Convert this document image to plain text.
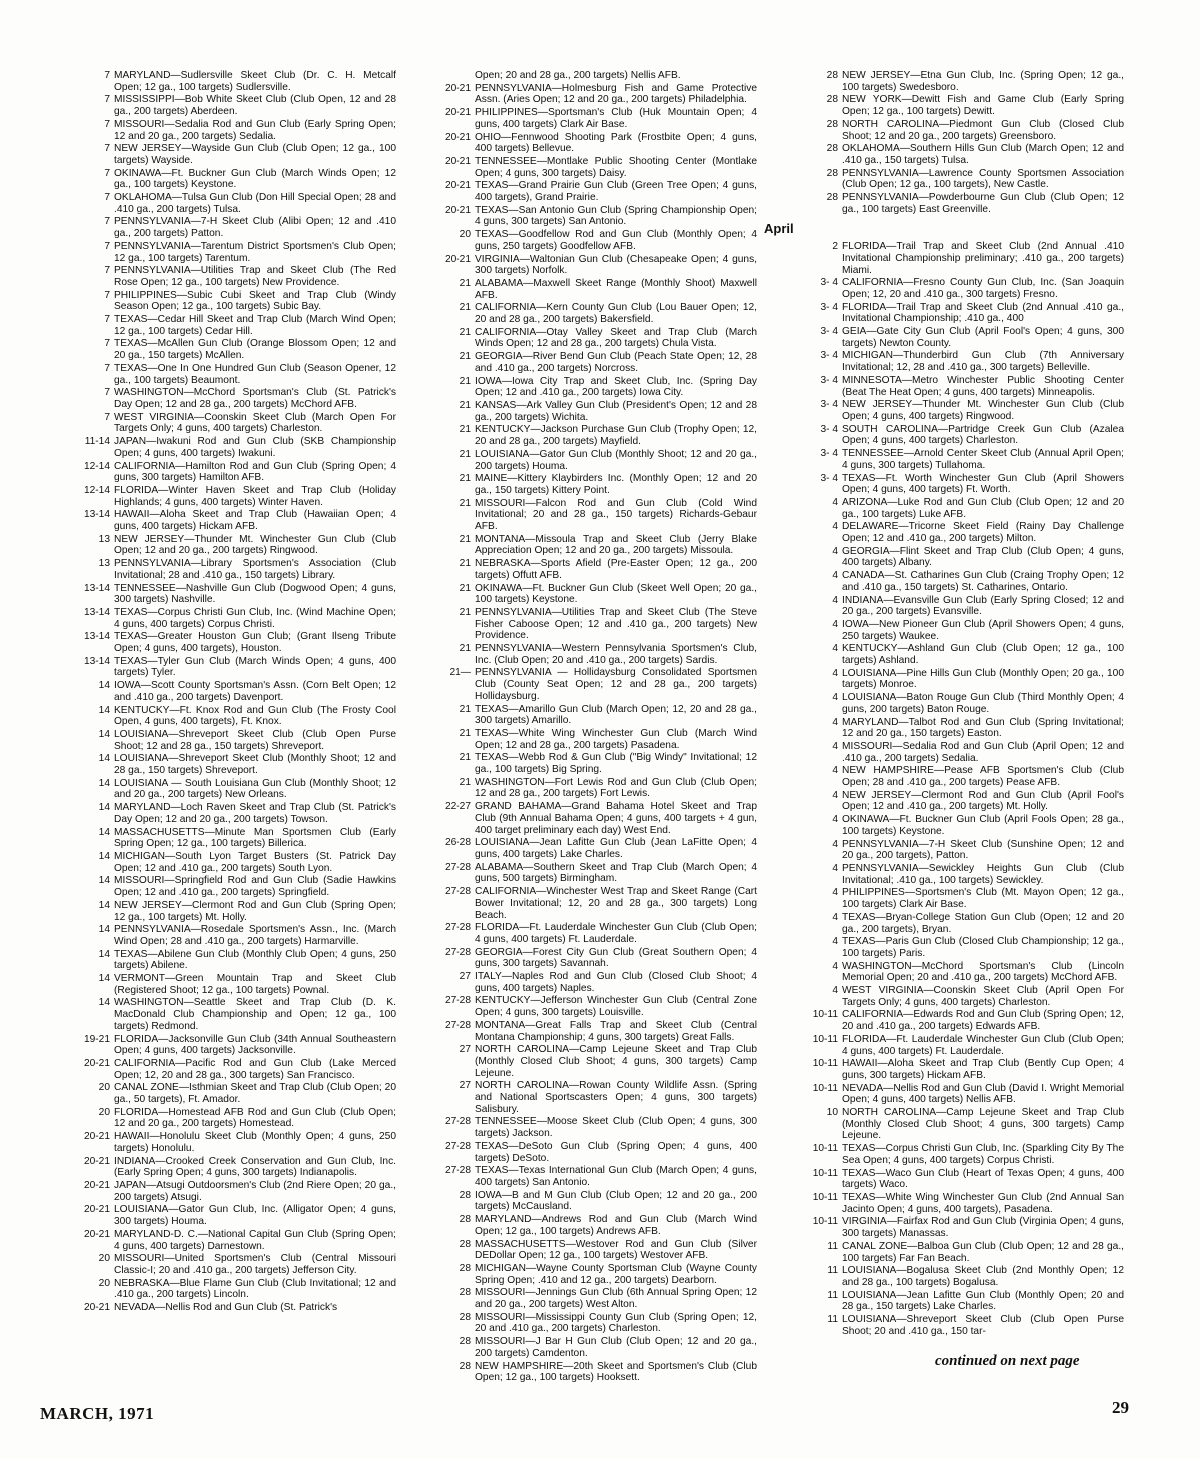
7 MARYLAND—Sudlersville Skeet Club (Dr. C. H. Metcalf Open; 12 ga., 100 targets) Sudlersville.
7 MISSISSIPPI—Bob White Skeet Club (Club Open, 12 and 28 ga., 200 targets) Aberdeen.
7 MISSOURI—Sedalia Rod and Gun Club (Early Spring Open; 12 and 20 ga., 200 targets) Sedalia.
7 NEW JERSEY—Wayside Gun Club (Club Open; 12 ga., 100 targets) Wayside.
7 OKINAWA—Ft. Buckner Gun Club (March Winds Open; 12 ga., 100 targets) Keystone.
7 OKLAHOMA—Tulsa Gun Club (Don Hill Special Open; 28 and .410 ga., 200 targets) Tulsa.
7 PENNSYLVANIA—7-H Skeet Club (Alibi Open; 12 and .410 ga., 200 targets) Patton.
7 PENNSYLVANIA—Tarentum District Sportsmen's Club Open; 12 ga., 100 targets) Tarentum.
7 PENNSYLVANIA—Utilities Trap and Skeet Club (The Red Rose Open; 12 ga., 100 targets) New Providence.
7 PHILIPPINES—Subic Cubi Skeet and Trap Club (Windy Season Open; 12 ga., 100 targets) Subic Bay.
7 TEXAS—Cedar Hill Skeet and Trap Club (March Wind Open; 12 ga., 100 targets) Cedar Hill.
7 TEXAS—McAllen Gun Club (Orange Blossom Open; 12 and 20 ga., 150 targets) McAllen.
7 TEXAS—One In One Hundred Gun Club (Season Opener, 12 ga., 100 targets) Beaumont.
7 WASHINGTON—McChord Sportsman's Club (St. Patrick's Day Open; 12 and 28 ga., 200 targets) McChord AFB.
7 WEST VIRGINIA—Coonskin Skeet Club (March Open For Targets Only; 4 guns, 400 targets) Charleston.
11-14 JAPAN—Iwakuni Rod and Gun Club (SKB Championship Open; 4 guns, 400 targets) Iwakuni.
12-14 CALIFORNIA—Hamilton Rod and Gun Club (Spring Open; 4 guns, 300 targets) Hamilton AFB.
12-14 FLORIDA—Winter Haven Skeet and Trap Club (Holiday Highlands; 4 guns, 400 targets) Winter Haven.
13-14 HAWAII—Aloha Skeet and Trap Club (Hawaiian Open; 4 guns, 400 targets) Hickam AFB.
13 NEW JERSEY—Thunder Mt. Winchester Gun Club (Club Open; 12 and 20 ga., 200 targets) Ringwood.
13 PENNSYLVANIA—Library Sportsmen's Association (Club Invitational; 28 and .410 ga., 150 targets) Library.
13-14 TENNESSEE—Nashville Gun Club (Dogwood Open; 4 guns, 300 targets) Nashville.
13-14 TEXAS—Corpus Christi Gun Club, Inc. (Wind Machine Open; 4 guns, 400 targets) Corpus Christi.
13-14 TEXAS—Greater Houston Gun Club; (Grant Ilseng Tribute Open; 4 guns, 400 targets), Houston.
13-14 TEXAS—Tyler Gun Club (March Winds Open; 4 guns, 400 targets) Tyler.
14 IOWA—Scott County Sportsman's Assn. (Corn Belt Open; 12 and .410 ga., 200 targets) Davenport.
14 KENTUCKY—Ft. Knox Rod and Gun Club (The Frosty Cool Open, 4 guns, 400 targets), Ft. Knox.
14 LOUISIANA—Shreveport Skeet Club (Club Open Purse Shoot; 12 and 28 ga., 150 targets) Shreveport.
14 LOUISIANA—Shreveport Skeet Club (Monthly Shoot; 12 and 28 ga., 150 targets) Shreveport.
14 LOUISIANA — South Louisiana Gun Club (Monthly Shoot; 12 and 20 ga., 200 targets) New Orleans.
14 MARYLAND—Loch Raven Skeet and Trap Club (St. Patrick's Day Open; 12 and 20 ga., 200 targets) Towson.
14 MASSACHUSETTS—Minute Man Sportsmen Club (Early Spring Open; 12 ga., 100 targets) Billerica.
14 MICHIGAN—South Lyon Target Busters (St. Patrick Day Open; 12 and .410 ga., 200 targets) South Lyon.
14 MISSOURI—Springfield Rod and Gun Club (Sadie Hawkins Open; 12 and .410 ga., 200 targets) Springfield.
14 NEW JERSEY—Clermont Rod and Gun Club (Spring Open; 12 ga., 100 targets) Mt. Holly.
14 PENNSYLVANIA—Rosedale Sportsmen's Assn., Inc. (March Wind Open; 28 and .410 ga., 200 targets) Harmarville.
14 TEXAS—Abilene Gun Club (Monthly Club Open; 4 guns, 250 targets) Abilene.
14 VERMONT—Green Mountain Trap and Skeet Club (Registered Shoot; 12 ga., 100 targets) Pownal.
14 WASHINGTON—Seattle Skeet and Trap Club (D. K. MacDonald Club Championship and Open; 12 ga., 100 targets) Redmond.
19-21 FLORIDA—Jacksonville Gun Club (34th Annual Southeastern Open; 4 guns, 400 targets) Jacksonville.
20-21 CALIFORNIA—Pacific Rod and Gun Club (Lake Merced Open; 12, 20 and 28 ga., 300 targets) San Francisco.
20 CANAL ZONE—Isthmian Skeet and Trap Club (Club Open; 20 ga., 50 targets), Ft. Amador.
20 FLORIDA—Homestead AFB Rod and Gun Club (Club Open; 12 and 20 ga., 200 targets) Homestead.
20-21 HAWAII—Honolulu Skeet Club (Monthly Open; 4 guns, 250 targets) Honolulu.
20-21 INDIANA—Crooked Creek Conservation and Gun Club, Inc. (Early Spring Open; 4 guns, 300 targets) Indianapolis.
20-21 JAPAN—Atsugi Outdoorsmen's Club (2nd Riere Open; 20 ga., 200 targets) Atsugi.
20-21 LOUISIANA—Gator Gun Club, Inc. (Alligator Open; 4 guns, 300 targets) Houma.
20-21 MARYLAND-D. C.—National Capital Gun Club (Spring Open; 4 guns, 400 targets) Darnestown.
20 MISSOURI—United Sportsmen's Club (Central Missouri Classic-I; 20 and .410 ga., 200 targets) Jefferson City.
20 NEBRASKA—Blue Flame Gun Club (Club Invitational; 12 and .410 ga., 200 targets) Lincoln.
20-21 NEVADA—Nellis Rod and Gun Club (St. Patrick's
Open; 20 and 28 ga., 200 targets) Nellis AFB.
20-21 PENNSYLVANIA—Holmesburg Fish and Game Protective Assn. (Aries Open; 12 and 20 ga., 200 targets) Philadelphia.
20-21 PHILIPPINES—Sportsman's Club (Huk Mountain Open; 4 guns, 400 targets) Clark Air Base.
20-21 OHIO—Fennwood Shooting Park (Frostbite Open; 4 guns, 400 targets) Bellevue.
20-21 TENNESSEE—Montlake Public Shooting Center (Montlake Open; 4 guns, 300 targets) Daisy.
20-21 TEXAS—Grand Prairie Gun Club (Green Tree Open; 4 guns, 400 targets), Grand Prairie.
20-21 TEXAS—San Antonio Gun Club (Spring Championship Open; 4 guns, 300 targets) San Antonio.
20 TEXAS—Goodfellow Rod and Gun Club (Monthly Open; 4 guns, 250 targets) Goodfellow AFB.
20-21 VIRGINIA—Waltonian Gun Club (Chesapeake Open; 4 guns, 300 targets) Norfolk.
21 ALABAMA—Maxwell Skeet Range (Monthly Shoot) Maxwell AFB.
21 CALIFORNIA—Kern County Gun Club (Lou Bauer Open; 12, 20 and 28 ga., 200 targets) Bakersfield.
21 CALIFORNIA—Otay Valley Skeet and Trap Club (March Winds Open; 12 and 28 ga., 200 targets) Chula Vista.
21 GEORGIA—River Bend Gun Club (Peach State Open; 12, 28 and .410 ga., 200 targets) Norcross.
21 IOWA—Iowa City Trap and Skeet Club, Inc. (Spring Day Open; 12 and .410 ga., 200 targets) Iowa City.
21 KANSAS—Ark Valley Gun Club (President's Open; 12 and 28 ga., 200 targets) Wichita.
21 KENTUCKY—Jackson Purchase Gun Club (Trophy Open; 12, 20 and 28 ga., 200 targets) Mayfield.
21 LOUISIANA—Gator Gun Club (Monthly Shoot; 12 and 20 ga., 200 targets) Houma.
21 MAINE—Kittery Klaybirders Inc. (Monthly Open; 12 and 20 ga., 150 targets) Kittery Point.
21 MISSOURI—Falcon Rod and Gun Club (Cold Wind Invitational; 20 and 28 ga., 150 targets) Richards-Gebaur AFB.
21 MONTANA—Missoula Trap and Skeet Club (Jerry Blake Appreciation Open; 12 and 20 ga., 200 targets) Missoula.
21 NEBRASKA—Sports Afield (Pre-Easter Open; 12 ga., 200 targets) Offutt AFB.
21 OKINAWA—Ft. Buckner Gun Club (Skeet Well Open; 20 ga., 100 targets) Keystone.
21 PENNSYLVANIA—Utilities Trap and Skeet Club (The Steve Fisher Caboose Open; 12 and .410 ga., 200 targets) New Providence.
21 PENNSYLVANIA—Western Pennsylvania Sportsmen's Club, Inc. (Club Open; 20 and .410 ga., 200 targets) Sardis.
21— PENNSYLVANIA — Hollidaysburg Consolidated Sportsmen Club (County Seat Open; 12 and 28 ga., 200 targets) Hollidaysburg.
21 TEXAS—Amarillo Gun Club (March Open; 12, 20 and 28 ga., 300 targets) Amarillo.
21 TEXAS—White Wing Winchester Gun Club (March Wind Open; 12 and 28 ga., 200 targets) Pasadena.
21 TEXAS—Webb Rod & Gun Club ("Big Windy" Invitational; 12 ga., 100 targets) Big Spring.
21 WASHINGTON—Fort Lewis Rod and Gun Club (Club Open; 12 and 28 ga., 200 targets) Fort Lewis.
22-27 GRAND BAHAMA—Grand Bahama Hotel Skeet and Trap Club (9th Annual Bahama Open; 4 guns, 400 targets + 4 gun, 400 target preliminary each day) West End.
26-28 LOUISIANA—Jean Lafitte Gun Club (Jean LaFitte Open; 4 guns, 400 targets) Lake Charles.
27-28 ALABAMA—Southern Skeet and Trap Club (March Open; 4 guns, 500 targets) Birmingham.
27-28 CALIFORNIA—Winchester West Trap and Skeet Range (Cart Bower Invitational; 12, 20 and 28 ga., 300 targets) Long Beach.
27-28 FLORIDA—Ft. Lauderdale Winchester Gun Club (Club Open; 4 guns, 400 targets) Ft. Lauderdale.
27-28 GEORGIA—Forest City Gun Club (Great Southern Open; 4 guns, 300 targets) Savannah.
27 ITALY—Naples Rod and Gun Club (Closed Club Shoot; 4 guns, 400 targets) Naples.
27-28 KENTUCKY—Jefferson Winchester Gun Club (Central Zone Open; 4 guns, 300 targets) Louisville.
27-28 MONTANA—Great Falls Trap and Skeet Club (Central Montana Championship; 4 guns, 300 targets) Great Falls.
27 NORTH CAROLINA—Camp Lejeune Skeet and Trap Club (Monthly Closed Club Shoot; 4 guns, 300 targets) Camp Lejeune.
27 NORTH CAROLINA—Rowan County Wildlife Assn. (Spring and National Sportscasters Open; 4 guns, 300 targets) Salisbury.
27-28 TENNESSEE—Moose Skeet Club (Club Open; 4 guns, 300 targets) Jackson.
27-28 TEXAS—DeSoto Gun Club (Spring Open; 4 guns, 400 targets) DeSoto.
27-28 TEXAS—Texas International Gun Club (March Open; 4 guns, 400 targets) San Antonio.
28 IOWA—B and M Gun Club (Club Open; 12 and 20 ga., 200 targets) McCausland.
28 MARYLAND—Andrews Rod and Gun Club (March Wind Open; 12 ga., 100 targets) Andrews AFB.
28 MASSACHUSETTS—Westover Rod and Gun Club (Silver DEDollar Open; 12 ga., 100 targets) Westover AFB.
28 MICHIGAN—Wayne County Sportsman Club (Wayne County Spring Open; .410 and 12 ga., 200 targets) Dearborn.
28 MISSOURI—Jennings Gun Club (6th Annual Spring Open; 12 and 20 ga., 200 targets) West Alton.
28 MISSOURI—Mississippi County Gun Club (Spring Open; 12, 20 and .410 ga., 200 targets) Charleston.
28 MISSOURI—J Bar H Gun Club (Club Open; 12 and 20 ga., 200 targets) Camdenton.
28 NEW HAMPSHIRE—20th Skeet and Sportsmen's Club (Club Open; 12 ga., 100 targets) Hooksett.
28 NEW JERSEY—Etna Gun Club, Inc. (Spring Open; 12 ga., 100 targets) Swedesboro.
28 NEW YORK—Dewitt Fish and Game Club (Early Spring Open; 12 ga., 100 targets) Dewitt.
28 NORTH CAROLINA—Piedmont Gun Club (Closed Club Shoot; 12 and 20 ga., 200 targets) Greensboro.
28 OKLAHOMA—Southern Hills Gun Club (March Open; 12 and .410 ga., 150 targets) Tulsa.
28 PENNSYLVANIA—Lawrence County Sportsmen Association (Club Open; 12 ga., 100 targets), New Castle.
28 PENNSYLVANIA—Powderbourne Gun Club (Club Open; 12 ga., 100 targets) East Greenville.
April
2 FLORIDA—Trail Trap and Skeet Club (2nd Annual .410 Invitational Championship preliminary; .410 ga., 200 targets) Miami.
3- 4 CALIFORNIA—Fresno County Gun Club, Inc. (San Joaquin Open; 12, 20 and .410 ga., 300 targets) Fresno.
3- 4 FLORIDA—Trail Trap and Skeet Club (2nd Annual .410 ga., Invitational Championship; .410 ga., 400
3- 4 GEIA—Gate City Gun Club (April Fool's Open; 4 guns, 300 targets) Newton County.
3- 4 MICHIGAN—Thunderbird Gun Club (7th Anniversary Invitational; 12, 28 and .410 ga., 300 targets) Belleville.
3- 4 MINNESOTA—Metro Winchester Public Shooting Center (Beat The Heat Open; 4 guns, 400 targets) Minneapolis.
3- 4 NEW JERSEY—Thunder Mt. Winchester Gun Club (Club Open; 4 guns, 400 targets) Ringwood.
3- 4 SOUTH CAROLINA—Partridge Creek Gun Club (Azalea Open; 4 guns, 400 targets) Charleston.
3- 4 TENNESSEE—Arnold Center Skeet Club (Annual April Open; 4 guns, 300 targets) Tullahoma.
3- 4 TEXAS—Ft. Worth Winchester Gun Club (April Showers Open; 4 guns, 400 targets) Ft. Worth.
4 ARIZONA—Luke Rod and Gun Club (Club Open; 12 and 20 ga., 100 targets) Luke AFB.
4 DELAWARE—Tricorne Skeet Field (Rainy Day Challenge Open; 12 and .410 ga., 200 targets) Milton.
4 GEORGIA—Flint Skeet and Trap Club (Club Open; 4 guns, 400 targets) Albany.
4 CANADA—St. Catharines Gun Club (Craing Trophy Open; 12 and .410 ga., 150 targets) St. Catharines, Ontario.
4 INDIANA—Evansville Gun Club (Early Spring Closed; 12 and 20 ga., 200 targets) Evansville.
4 IOWA—New Pioneer Gun Club (April Showers Open; 4 guns, 250 targets) Waukee.
4 KENTUCKY—Ashland Gun Club (Club Open; 12 ga., 100 targets) Ashland.
4 LOUISIANA—Pine Hills Gun Club (Monthly Open; 20 ga., 100 targets) Monroe.
4 LOUISIANA—Baton Rouge Gun Club (Third Monthly Open; 4 guns, 200 targets) Baton Rouge.
4 MARYLAND—Talbot Rod and Gun Club (Spring Invitational; 12 and 20 ga., 150 targets) Easton.
4 MISSOURI—Sedalia Rod and Gun Club (April Open; 12 and .410 ga., 200 targets) Sedalia.
4 NEW HAMPSHIRE—Pease AFB Sportsmen's Club (Club Open; 28 and .410 ga., 200 targets) Pease AFB.
4 NEW JERSEY—Clermont Rod and Gun Club (April Fool's Open; 12 and .410 ga., 200 targets) Mt. Holly.
4 OKINAWA—Ft. Buckner Gun Club (April Fools Open; 28 ga., 100 targets) Keystone.
4 PENNSYLVANIA—7-H Skeet Club (Sunshine Open; 12 and 20 ga., 200 targets), Patton.
4 PENNSYLVANIA—Sewickley Heights Gun Club (Club Invitational; .410 ga., 100 targets) Sewickley.
4 PHILIPPINES—Sportsmen's Club (Mt. Mayon Open; 12 ga., 100 targets) Clark Air Base.
4 TEXAS—Bryan-College Station Gun Club (Open; 12 and 20 ga., 200 targets), Bryan.
4 TEXAS—Paris Gun Club (Closed Club Championship; 12 ga., 100 targets) Paris.
4 WASHINGTON—McChord Sportsman's Club (Lincoln Memorial Open; 20 and .410 ga., 200 targets) McChord AFB.
4 WEST VIRGINIA—Coonskin Skeet Club (April Open For Targets Only; 4 guns, 400 targets) Charleston.
10-11 CALIFORNIA—Edwards Rod and Gun Club (Spring Open; 12, 20 and .410 ga., 200 targets) Edwards AFB.
10-11 FLORIDA—Ft. Lauderdale Winchester Gun Club (Club Open; 4 guns, 400 targets) Ft. Lauderdale.
10-11 HAWAII—Aloha Skeet and Trap Club (Bently Cup Open; 4 guns, 300 targets) Hickam AFB.
10-11 NEVADA—Nellis Rod and Gun Club (David I. Wright Memorial Open; 4 guns, 400 targets) Nellis AFB.
10 NORTH CAROLINA—Camp Lejeune Skeet and Trap Club (Monthly Closed Club Shoot; 4 guns, 300 targets) Camp Lejeune.
10-11 TEXAS—Corpus Christi Gun Club, Inc. (Sparkling City By The Sea Open; 4 guns, 400 targets) Corpus Christi.
10-11 TEXAS—Waco Gun Club (Heart of Texas Open; 4 guns, 400 targets) Waco.
10-11 TEXAS—White Wing Winchester Gun Club (2nd Annual San Jacinto Open; 4 guns, 400 targets), Pasadena.
10-11 VIRGINIA—Fairfax Rod and Gun Club (Virginia Open; 4 guns, 300 targets) Manassas.
11 CANAL ZONE—Balboa Gun Club (Club Open; 12 and 28 ga., 100 targets) Far Fan Beach.
11 LOUISIANA—Bogalusa Skeet Club (2nd Monthly Open; 12 and 28 ga., 100 targets) Bogalusa.
11 LOUISIANA—Jean Lafitte Gun Club (Monthly Open; 20 and 28 ga., 150 targets) Lake Charles.
11 LOUISIANA—Shreveport Skeet Club (Club Open Purse Shoot; 20 and .410 ga., 150 tar-
continued on next page
MARCH, 1971	29
